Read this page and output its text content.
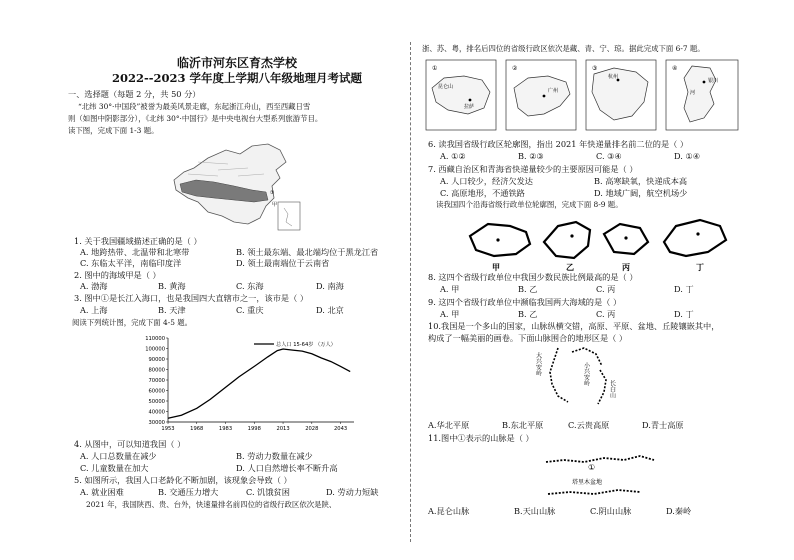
临沂市河东区育杰学校
2022--2023 学年度上学期八年级地理月考试题
一、选择题（每题 2 分，共 50 分）
“北纬 30°·中国段”被誉为最美风景走廊，东起浙江舟山，西至西藏日雪
则（如图中阴影部分），《北纬 30°·中国行》是中央电视台大型系列旅游节目。
读下图，完成下面 1-3 题。
①
甲
1. 关于我国疆域描述正确的是（ ）
A. 地跨热带、北温带和北寒带	B. 领土最东端、最北端均位于黑龙江省
C. 东临太平洋，南临印度洋	D. 领土最南端位于云南省
2. 图中的海域甲是（ ）
A. 渤海	B. 黄海	C. 东海	D. 南海
3. 图中①是长江入海口，也是我国四大直辖市之一，该市是（ ）
A. 上海	B. 天津	C. 重庆	D. 北京
阅读下列统计图，完成下面 4-5 题。
110000
100000
90000
80000
70000
60000
50000
40000
30000
1953	1968	1983	1998	2013	2028	2043
总人口 15-64岁 （万人）
4. 从图中，可以知道我国（ ）
A. 人口总数量在减少	B. 劳动力数量在减少
C. 儿童数量在加大	D. 人口自然增长率不断升高
5. 如图所示，我国人口老龄化不断加剧，该现象会导致（ ）
A. 就业困难	B. 交通压力增大	C. 饥饿贫困	D. 劳动力短缺
2021 年，我国陕西、贵、台外，快速量排名前四位的省级行政区依次是陕、
浙、苏、粤，排名后四位的省级行政区依次是藏、青、宁、琼。据此完成下面 6-7 题。
①
昆仑山
拉萨
②
广州
③
杭州
④
银川
河
6. 读我国省级行政区轮廓图，指出 2021 年快递量排名前二位的是（ ）
A. ①②	B. ②③	C. ③④	D. ①④
7. 西藏自治区和青海省快递量较少的主要原因可能是（ ）
A. 人口较少，经济欠发达	B. 高寒缺氧，快递成本高
C. 高原地形，不通铁路	D. 地域广阔，航空机场少
读我国四个沿海省级行政单位轮廓图，完成下面 8-9 题。
甲	乙	丙	丁
8. 这四个省级行政单位中我国少数民族比例最高的是（ ）
A. 甲	B. 乙	C. 丙	D. 丁
9. 这四个省级行政单位中濒临我国两大海域的是（ ）
A. 甲	B. 乙	C. 丙	D. 丁
10.我国是一个多山的国家，山脉纵横交错，高原、平原、盆地、丘陵镶嵌其中，
构成了一幅美丽的画卷。下面山脉围合的地形区是（ ）
大兴安岭	小兴安岭
长白山
A.华北平原	B.东北平原	C.云贵高原	D.青士高原
11.图中①表示的山脉是（ ）
①
塔里木盆地
A.昆仑山脉	B.天山山脉	C.阴山山脉	D.秦岭
